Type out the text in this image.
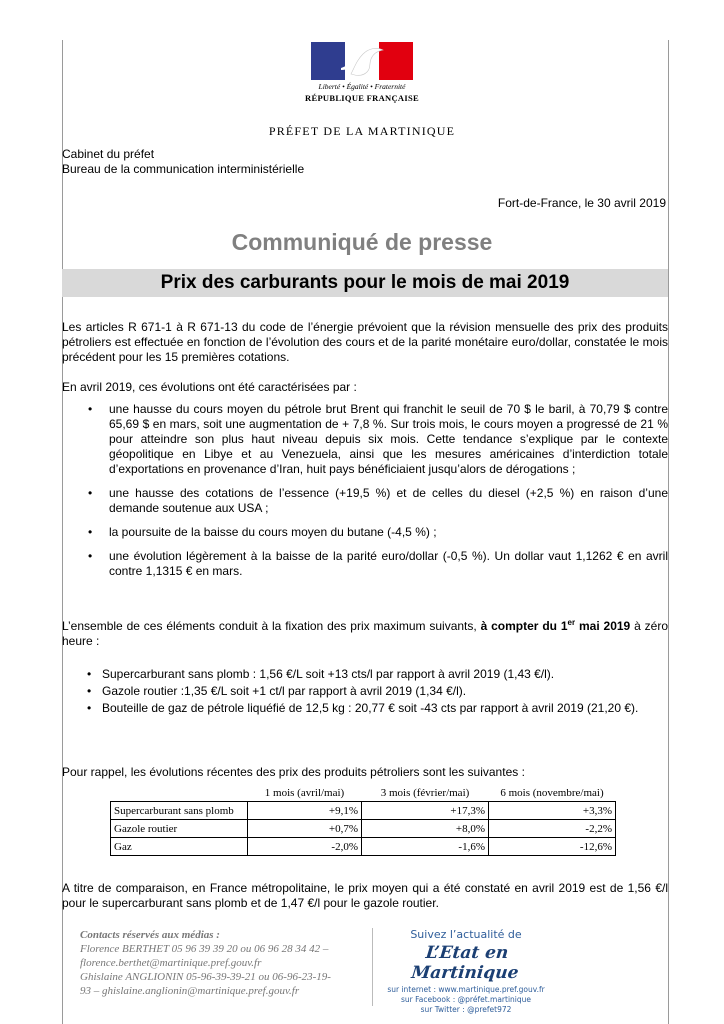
Liberté • Égalité • Fraternité
RÉPUBLIQUE FRANÇAISE
PRÉFET DE LA MARTINIQUE
Cabinet du préfet
Bureau de la communication interministérielle
Fort-de-France, le 30 avril 2019
Communiqué de presse
Prix des carburants pour le mois de mai 2019
Les articles R 671-1 à R 671-13 du code de l’énergie prévoient que la révision mensuelle des prix des produits pétroliers est effectuée en fonction de l’évolution des cours et de la parité monétaire euro/dollar, constatée le mois précédent pour les 15 premières cotations.
En avril 2019, ces évolutions ont été caractérisées par :
• une hausse du cours moyen du pétrole brut Brent qui franchit le seuil de 70 $ le baril, à 70,79 $ contre 65,69 $ en mars, soit une augmentation de + 7,8 %. Sur trois mois, le cours moyen a progressé de 21 % pour atteindre son plus haut niveau depuis six mois. Cette tendance s’explique par le contexte géopolitique en Libye et au Venezuela, ainsi que les mesures américaines d’interdiction totale d’exportations en provenance d’Iran, huit pays bénéficiaient jusqu’alors de dérogations ;
• une hausse des cotations de l’essence (+19,5 %) et de celles du diesel (+2,5 %) en raison d’une demande soutenue aux USA ;
• la poursuite de la baisse du cours moyen du butane (-4,5 %) ;
• une évolution légèrement à la baisse de la parité euro/dollar (-0,5 %). Un dollar vaut 1,1262 € en avril contre 1,1315 € en mars.
L’ensemble de ces éléments conduit à la fixation des prix maximum suivants, à compter du 1er mai 2019 à zéro heure :
• Supercarburant sans plomb : 1,56 €/L soit +13 cts/l par rapport à avril 2019 (1,43 €/l).
• Gazole routier :1,35 €/L soit +1 ct/l par rapport à avril 2019 (1,34 €/l).
• Bouteille de gaz de pétrole liquéfié de 12,5 kg : 20,77 € soit -43 cts par rapport à avril 2019 (21,20 €).
Pour rappel, les évolutions récentes des prix des produits pétroliers sont les suivantes :
	1 mois (avril/mai)	3 mois (février/mai)	6 mois (novembre/mai)
Supercarburant sans plomb	+9,1%	+17,3%	+3,3%
Gazole routier	+0,7%	+8,0%	-2,2%
Gaz	-2,0%	-1,6%	-12,6%
A titre de comparaison, en France métropolitaine, le prix moyen qui a été constaté en avril 2019 est de 1,56 €/l pour le supercarburant sans plomb et de 1,47 €/l pour le gazole routier.
Contacts réservés aux médias :
Florence BERTHET 05 96 39 39 20 ou 06 96 28 34 42 –
florence.berthet@martinique.pref.gouv.fr
Ghislaine ANGLIONIN 05-96-39-39-21 ou 06-96-23-19-
93 – ghislaine.anglionin@martinique.pref.gouv.fr
Suivez l’actualité de
L’Etat en Martinique
sur internet : www.martinique.pref.gouv.fr
sur Facebook : @préfet.martinique
sur Twitter : @prefet972
